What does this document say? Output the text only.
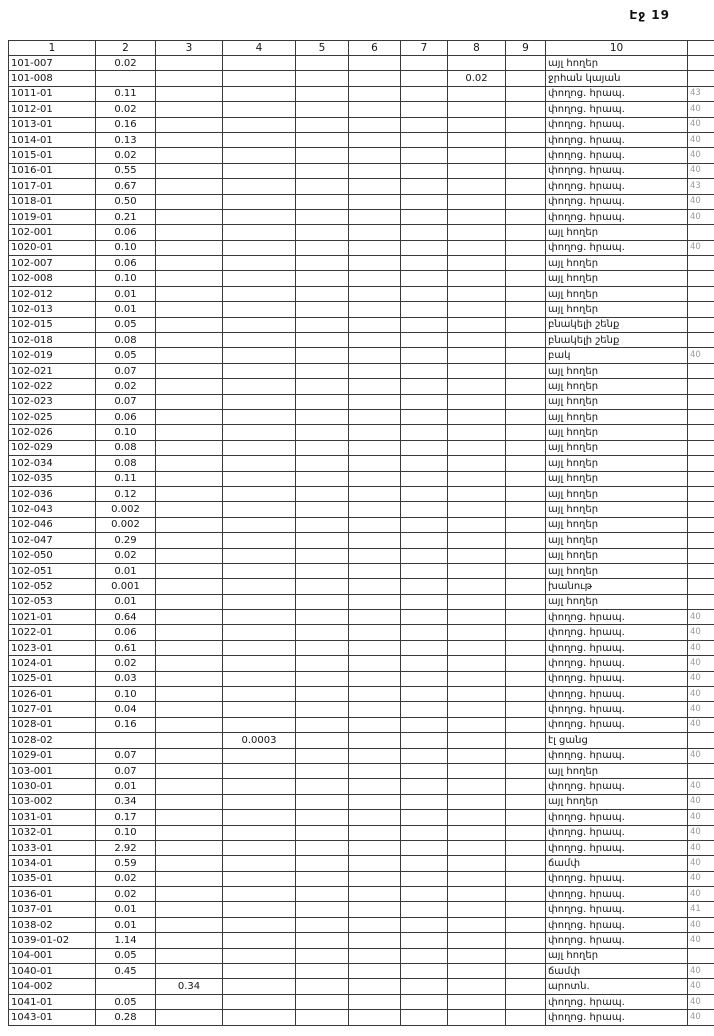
Էջ 19
1	2	3	4	5	6	7	8	9	10	
101-007	0.02								այլ հողեր	
101-008							0.02		ջրհան կայան	
1011-01	0.11								փողոց. հրապ.	43
1012-01	0.02								փողոց. հրապ.	40
1013-01	0.16								փողոց. հրապ.	40
1014-01	0.13								փողոց. հրապ.	40
1015-01	0.02								փողոց. հրապ.	40
1016-01	0.55								փողոց. հրապ.	40
1017-01	0.67								փողոց. հրապ.	43
1018-01	0.50								փողոց. հրապ.	40
1019-01	0.21								փողոց. հրապ.	40
102-001	0.06								այլ հողեր	
1020-01	0.10								փողոց. հրապ.	40
102-007	0.06								այլ հողեր	
102-008	0.10								այլ հողեր	
102-012	0.01								այլ հողեր	
102-013	0.01								այլ հողեր	
102-015	0.05								բնակելի շենք	
102-018	0.08								բնակելի շենք	
102-019	0.05								բակ	40
102-021	0.07								այլ հողեր	
102-022	0.02								այլ հողեր	
102-023	0.07								այլ հողեր	
102-025	0.06								այլ հողեր	
102-026	0.10								այլ հողեր	
102-029	0.08								այլ հողեր	
102-034	0.08								այլ հողեր	
102-035	0.11								այլ հողեր	
102-036	0.12								այլ հողեր	
102-043	0.002								այլ հողեր	
102-046	0.002								այլ հողեր	
102-047	0.29								այլ հողեր	
102-050	0.02								այլ հողեր	
102-051	0.01								այլ հողեր	
102-052	0.001								խանութ	
102-053	0.01								այլ հողեր	
1021-01	0.64								փողոց. հրապ.	40
1022-01	0.06								փողոց. հրապ.	40
1023-01	0.61								փողոց. հրապ.	40
1024-01	0.02								փողոց. հրապ.	40
1025-01	0.03								փողոց. հրապ.	40
1026-01	0.10								փողոց. հրապ.	40
1027-01	0.04								փողոց. հրապ.	40
1028-01	0.16								փողոց. հրապ.	40
1028-02			0.0003						էլ ցանց	
1029-01	0.07								փողոց. հրապ.	40
103-001	0.07								այլ հողեր	
1030-01	0.01								փողոց. հրապ.	40
103-002	0.34								այլ հողեր	40
1031-01	0.17								փողոց. հրապ.	40
1032-01	0.10								փողոց. հրապ.	40
1033-01	2.92								փողոց. հրապ.	40
1034-01	0.59								ճամփ	40
1035-01	0.02								փողոց. հրապ.	40
1036-01	0.02								փողոց. հրապ.	40
1037-01	0.01								փողոց. հրապ.	41
1038-02	0.01								փողոց. հրապ.	40
1039-01-02	1.14								փողոց. հրապ.	40
104-001	0.05								այլ հողեր	
1040-01	0.45								ճամփ	40
104-002		0.34							արոտն.	40
1041-01	0.05								փողոց. հրապ.	40
1043-01	0.28								փողոց. հրապ.	40
